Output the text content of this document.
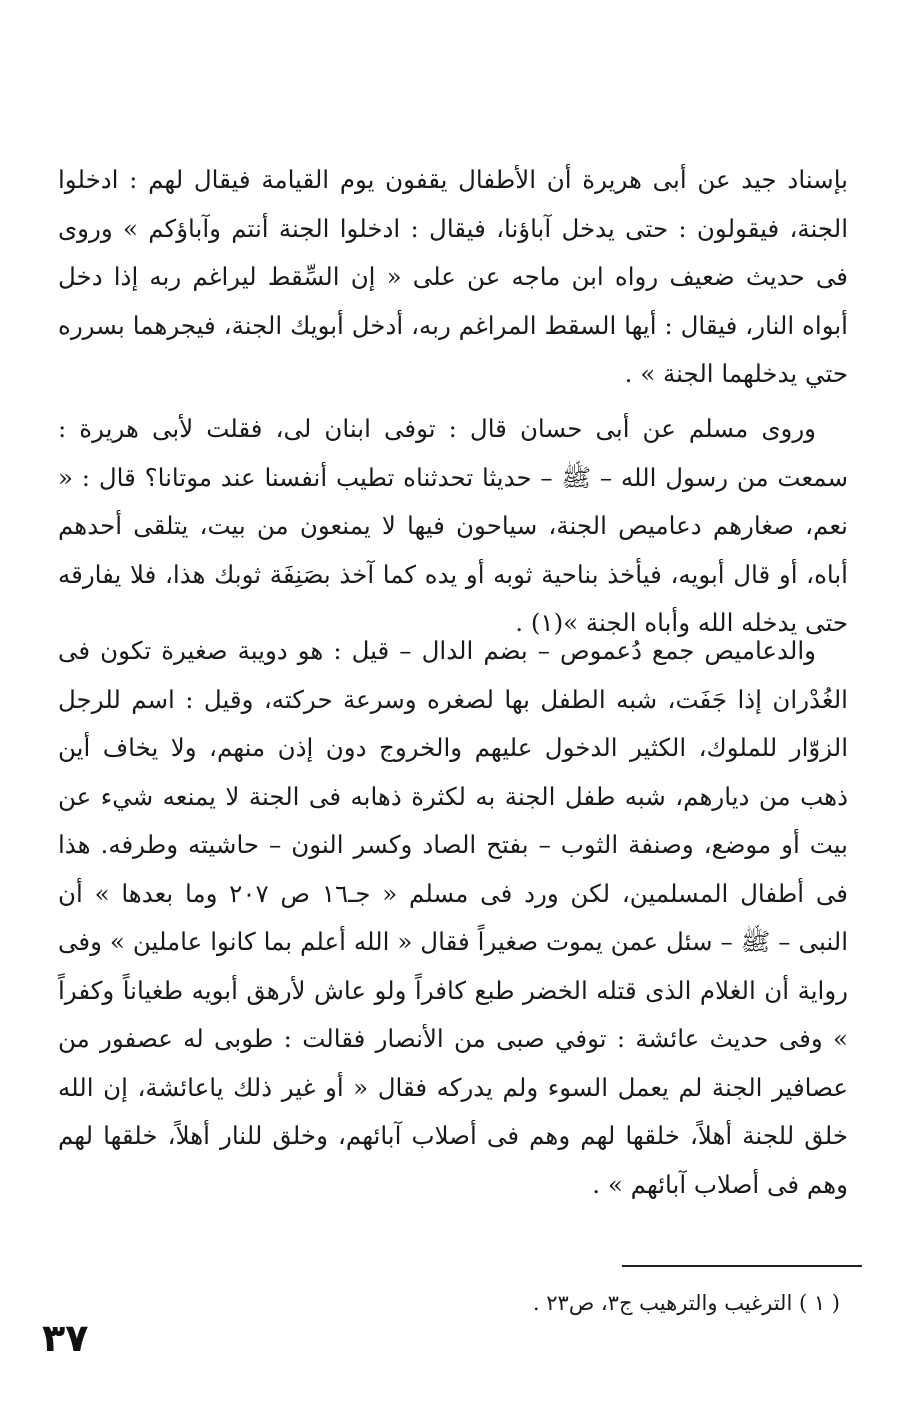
بإسناد جيد عن أبى هريرة أن الأطفال يقفون يوم القيامة فيقال لهم : ادخلوا الجنة، فيقولون : حتى يدخل آباؤنا، فيقال : ادخلوا الجنة أنتم وآباؤكم » وروى فى حديث ضعيف رواه ابن ماجه عن على « إن السِّقط ليراغم ربه إذا دخل أبواه النار، فيقال : أيها السقط المراغم ربه، أدخل أبويك الجنة، فيجرهما بسرره حتي يدخلهما الجنة » .

وروى مسلم عن أبى حسان قال : توفى ابنان لى، فقلت لأبى هريرة : سمعت من رسول الله – ﷺ – حديثا تحدثناه تطيب أنفسنا عند موتانا؟ قال : « نعم، صغارهم دعاميص الجنة، سياحون فيها لا يمنعون من بيت، يتلقى أحدهم أباه، أو قال أبويه، فيأخذ بناحية ثوبه أو يده كما آخذ بصَنِفَة ثوبك هذا، فلا يفارقه حتى يدخله الله وأباه الجنة »(١) .

والدعاميص جمع دُعموص – بضم الدال – قيل : هو دويبة صغيرة تكون فى الغُدْران إذا جَفَت، شبه الطفل بها لصغره وسرعة حركته، وقيل : اسم للرجل الزوّار للملوك، الكثير الدخول عليهم والخروج دون إذن منهم، ولا يخاف أين ذهب من ديارهم، شبه طفل الجنة به لكثرة ذهابه فى الجنة لا يمنعه شيء عن بيت أو موضع، وصنفة الثوب – بفتح الصاد وكسر النون – حاشيته وطرفه. هذا فى أطفال المسلمين، لكن ورد فى مسلم « جـ١٦ ص ٢٠٧ وما بعدها » أن النبى – ﷺ – سئل عمن يموت صغيراً فقال « الله أعلم بما كانوا عاملين » وفى رواية أن الغلام الذى قتله الخضر طبع كافراً ولو عاش لأرهق أبويه طغياناً وكفراً » وفى حديث عائشة : توفي صبى من الأنصار فقالت : طوبى له عصفور من عصافير الجنة لم يعمل السوء ولم يدركه فقال « أو غير ذلك ياعائشة، إن الله خلق للجنة أهلاً، خلقها لهم وهم فى أصلاب آبائهم، وخلق للنار أهلاً، خلقها لهم وهم فى أصلاب آبائهم » .

( ١ ) الترغيب والترهيب ج٣، ص٢٣ .
٣٧
